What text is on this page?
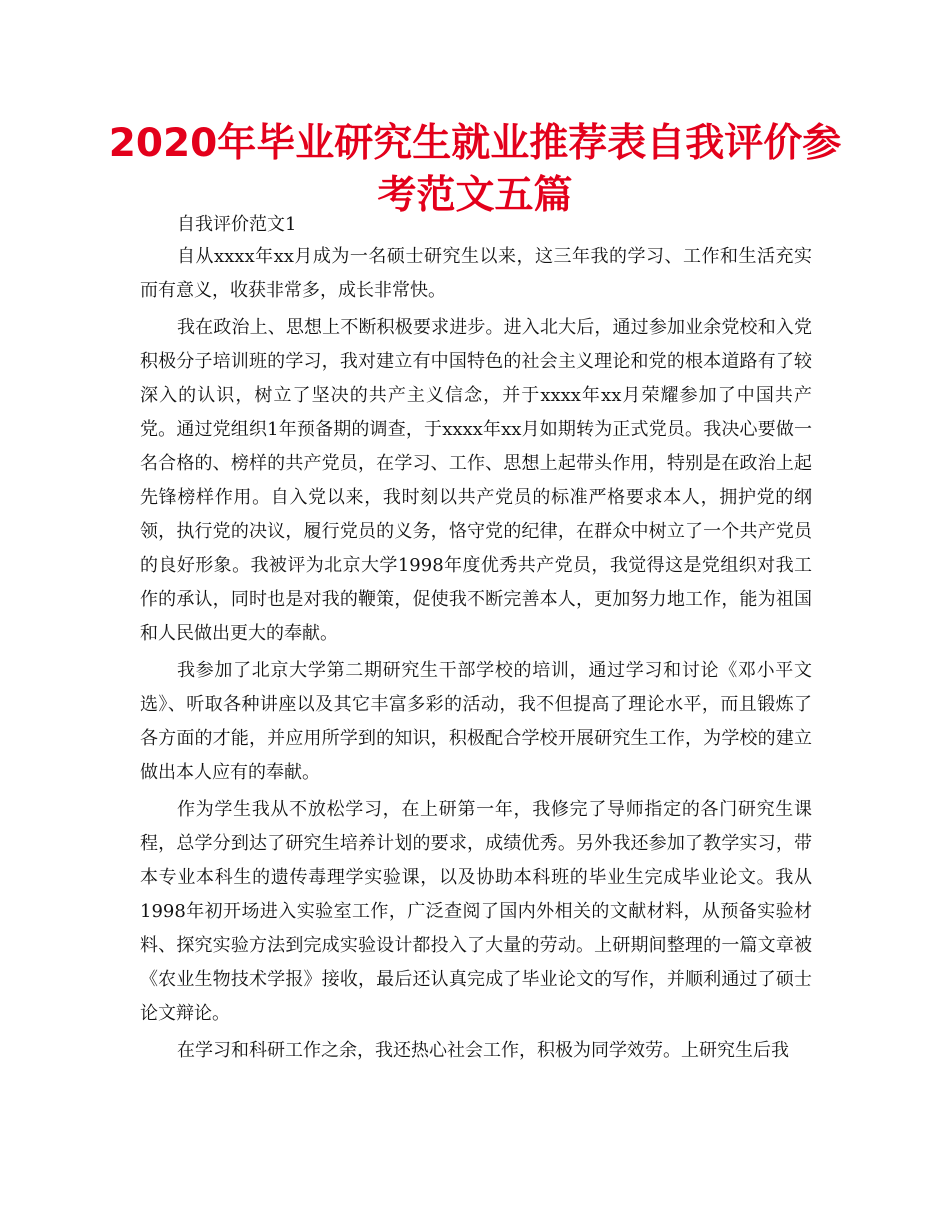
2020年毕业研究生就业推荐表自我评价参考范文五篇

自我评价范文1

自从xxxx年xx月成为一名硕士研究生以来，这三年我的学习、工作和生活充实而有意义，收获非常多，成长非常快。

我在政治上、思想上不断积极要求进步。进入北大后，通过参加业余党校和入党积极分子培训班的学习，我对建立有中国特色的社会主义理论和党的根本道路有了较深入的认识，树立了坚决的共产主义信念，并于xxxx年xx月荣耀参加了中国共产党。通过党组织1年预备期的调查，于xxxx年xx月如期转为正式党员。我决心要做一名合格的、榜样的共产党员，在学习、工作、思想上起带头作用，特别是在政治上起先锋榜样作用。自入党以来，我时刻以共产党员的标准严格要求本人，拥护党的纲领，执行党的决议，履行党员的义务，恪守党的纪律，在群众中树立了一个共产党员的良好形象。我被评为北京大学1998年度优秀共产党员，我觉得这是党组织对我工作的承认，同时也是对我的鞭策，促使我不断完善本人，更加努力地工作，能为祖国和人民做出更大的奉献。

我参加了北京大学第二期研究生干部学校的培训，通过学习和讨论《邓小平文选》、听取各种讲座以及其它丰富多彩的活动，我不但提高了理论水平，而且锻炼了各方面的才能，并应用所学到的知识，积极配合学校开展研究生工作，为学校的建立做出本人应有的奉献。

作为学生我从不放松学习，在上研第一年，我修完了导师指定的各门研究生课程，总学分到达了研究生培养计划的要求，成绩优秀。另外我还参加了教学实习，带本专业本科生的遗传毒理学实验课，以及协助本科班的毕业生完成毕业论文。我从1998年初开场进入实验室工作，广泛查阅了国内外相关的文献材料，从预备实验材料、探究实验方法到完成实验设计都投入了大量的劳动。上研期间整理的一篇文章被《农业生物技术学报》接收，最后还认真完成了毕业论文的写作，并顺利通过了硕士论文辩论。

在学习和科研工作之余，我还热心社会工作，积极为同学效劳。上研究生后我
